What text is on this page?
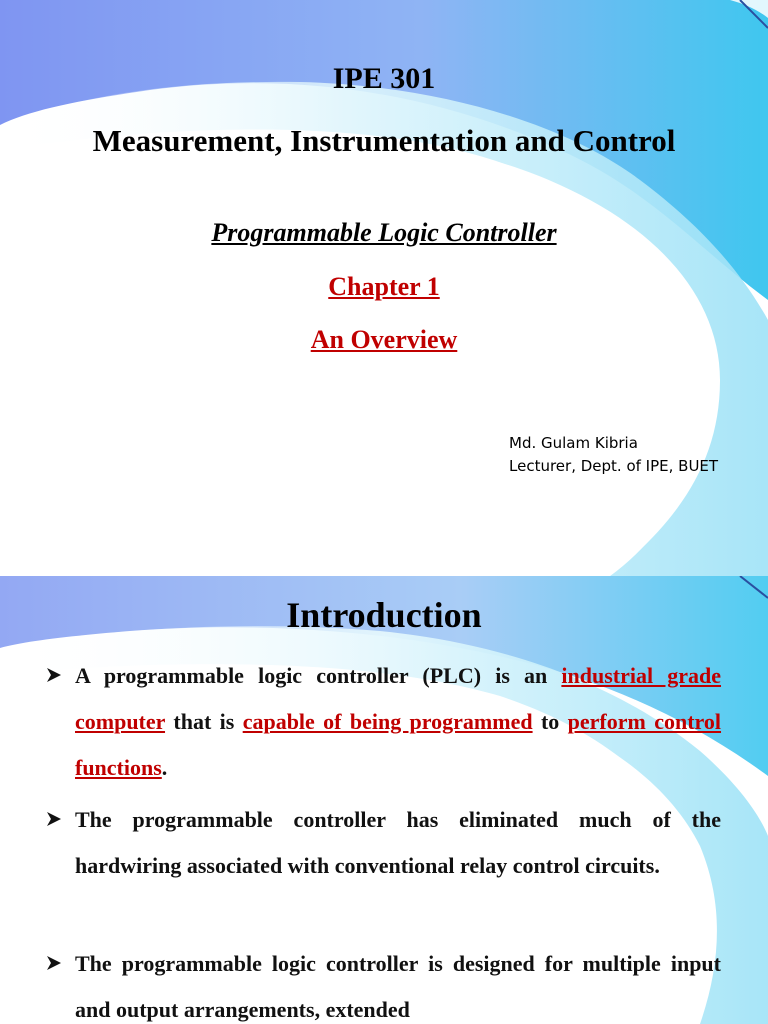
IPE 301
Measurement, Instrumentation and Control
Programmable Logic Controller
Chapter 1
An Overview
Md. Gulam Kibria
Lecturer, Dept. of IPE, BUET
Introduction
A programmable logic controller (PLC) is an industrial grade computer that is capable of being programmed to perform control functions.
The programmable controller has eliminated much of the hardwiring associated with conventional relay control circuits.
The programmable logic controller is designed for multiple input and output arrangements, extended
